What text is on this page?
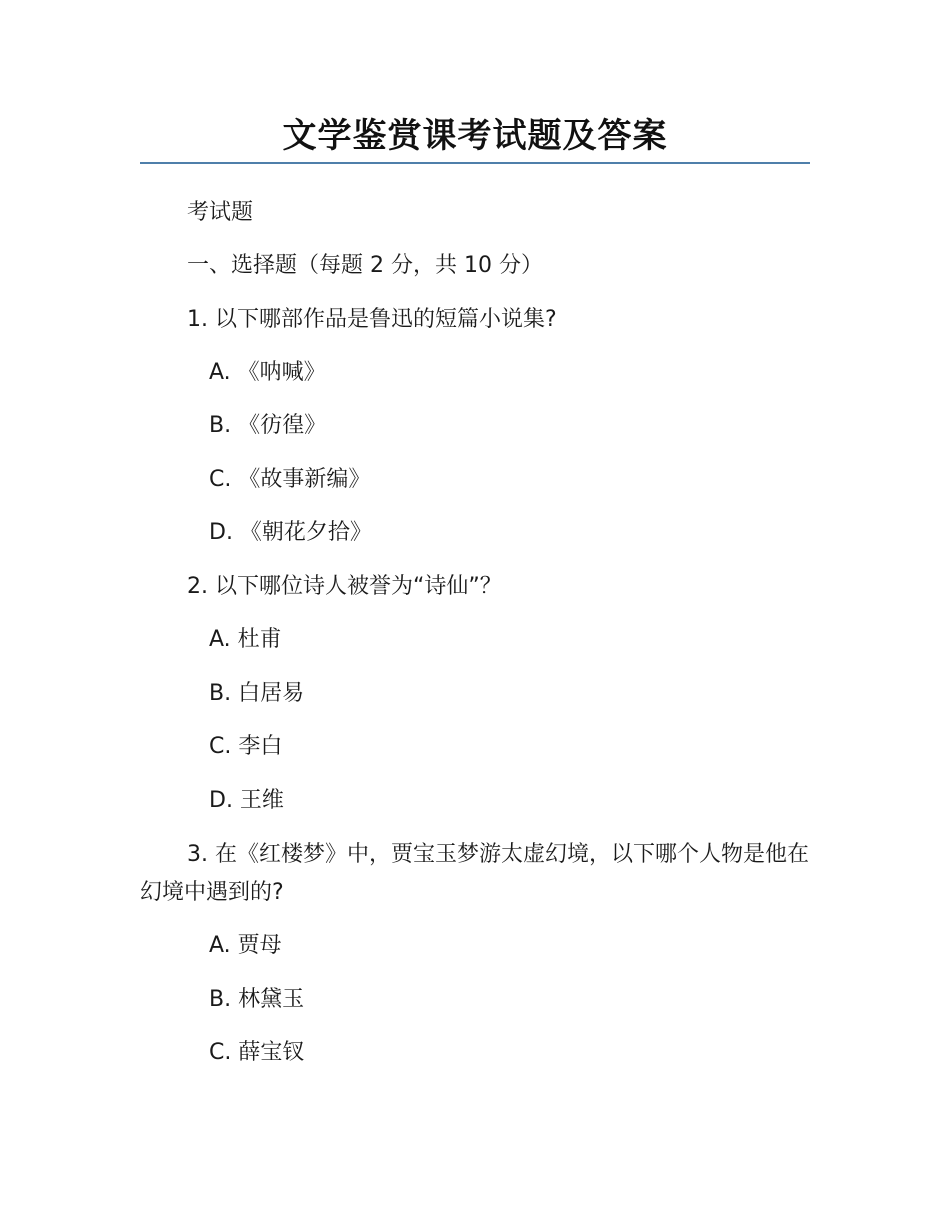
文学鉴赏课考试题及答案
考试题
一、选择题（每题 2 分，共 10 分）
1. 以下哪部作品是鲁迅的短篇小说集?
A. 《呐喊》
B. 《彷徨》
C. 《故事新编》
D. 《朝花夕拾》
2. 以下哪位诗人被誉为“诗仙”？
A. 杜甫
B. 白居易
C. 李白
D. 王维
3. 在《红楼梦》中，贾宝玉梦游太虚幻境，以下哪个人物是他在幻境中遇到的?
A. 贾母
B. 林黛玉
C. 薛宝钗
